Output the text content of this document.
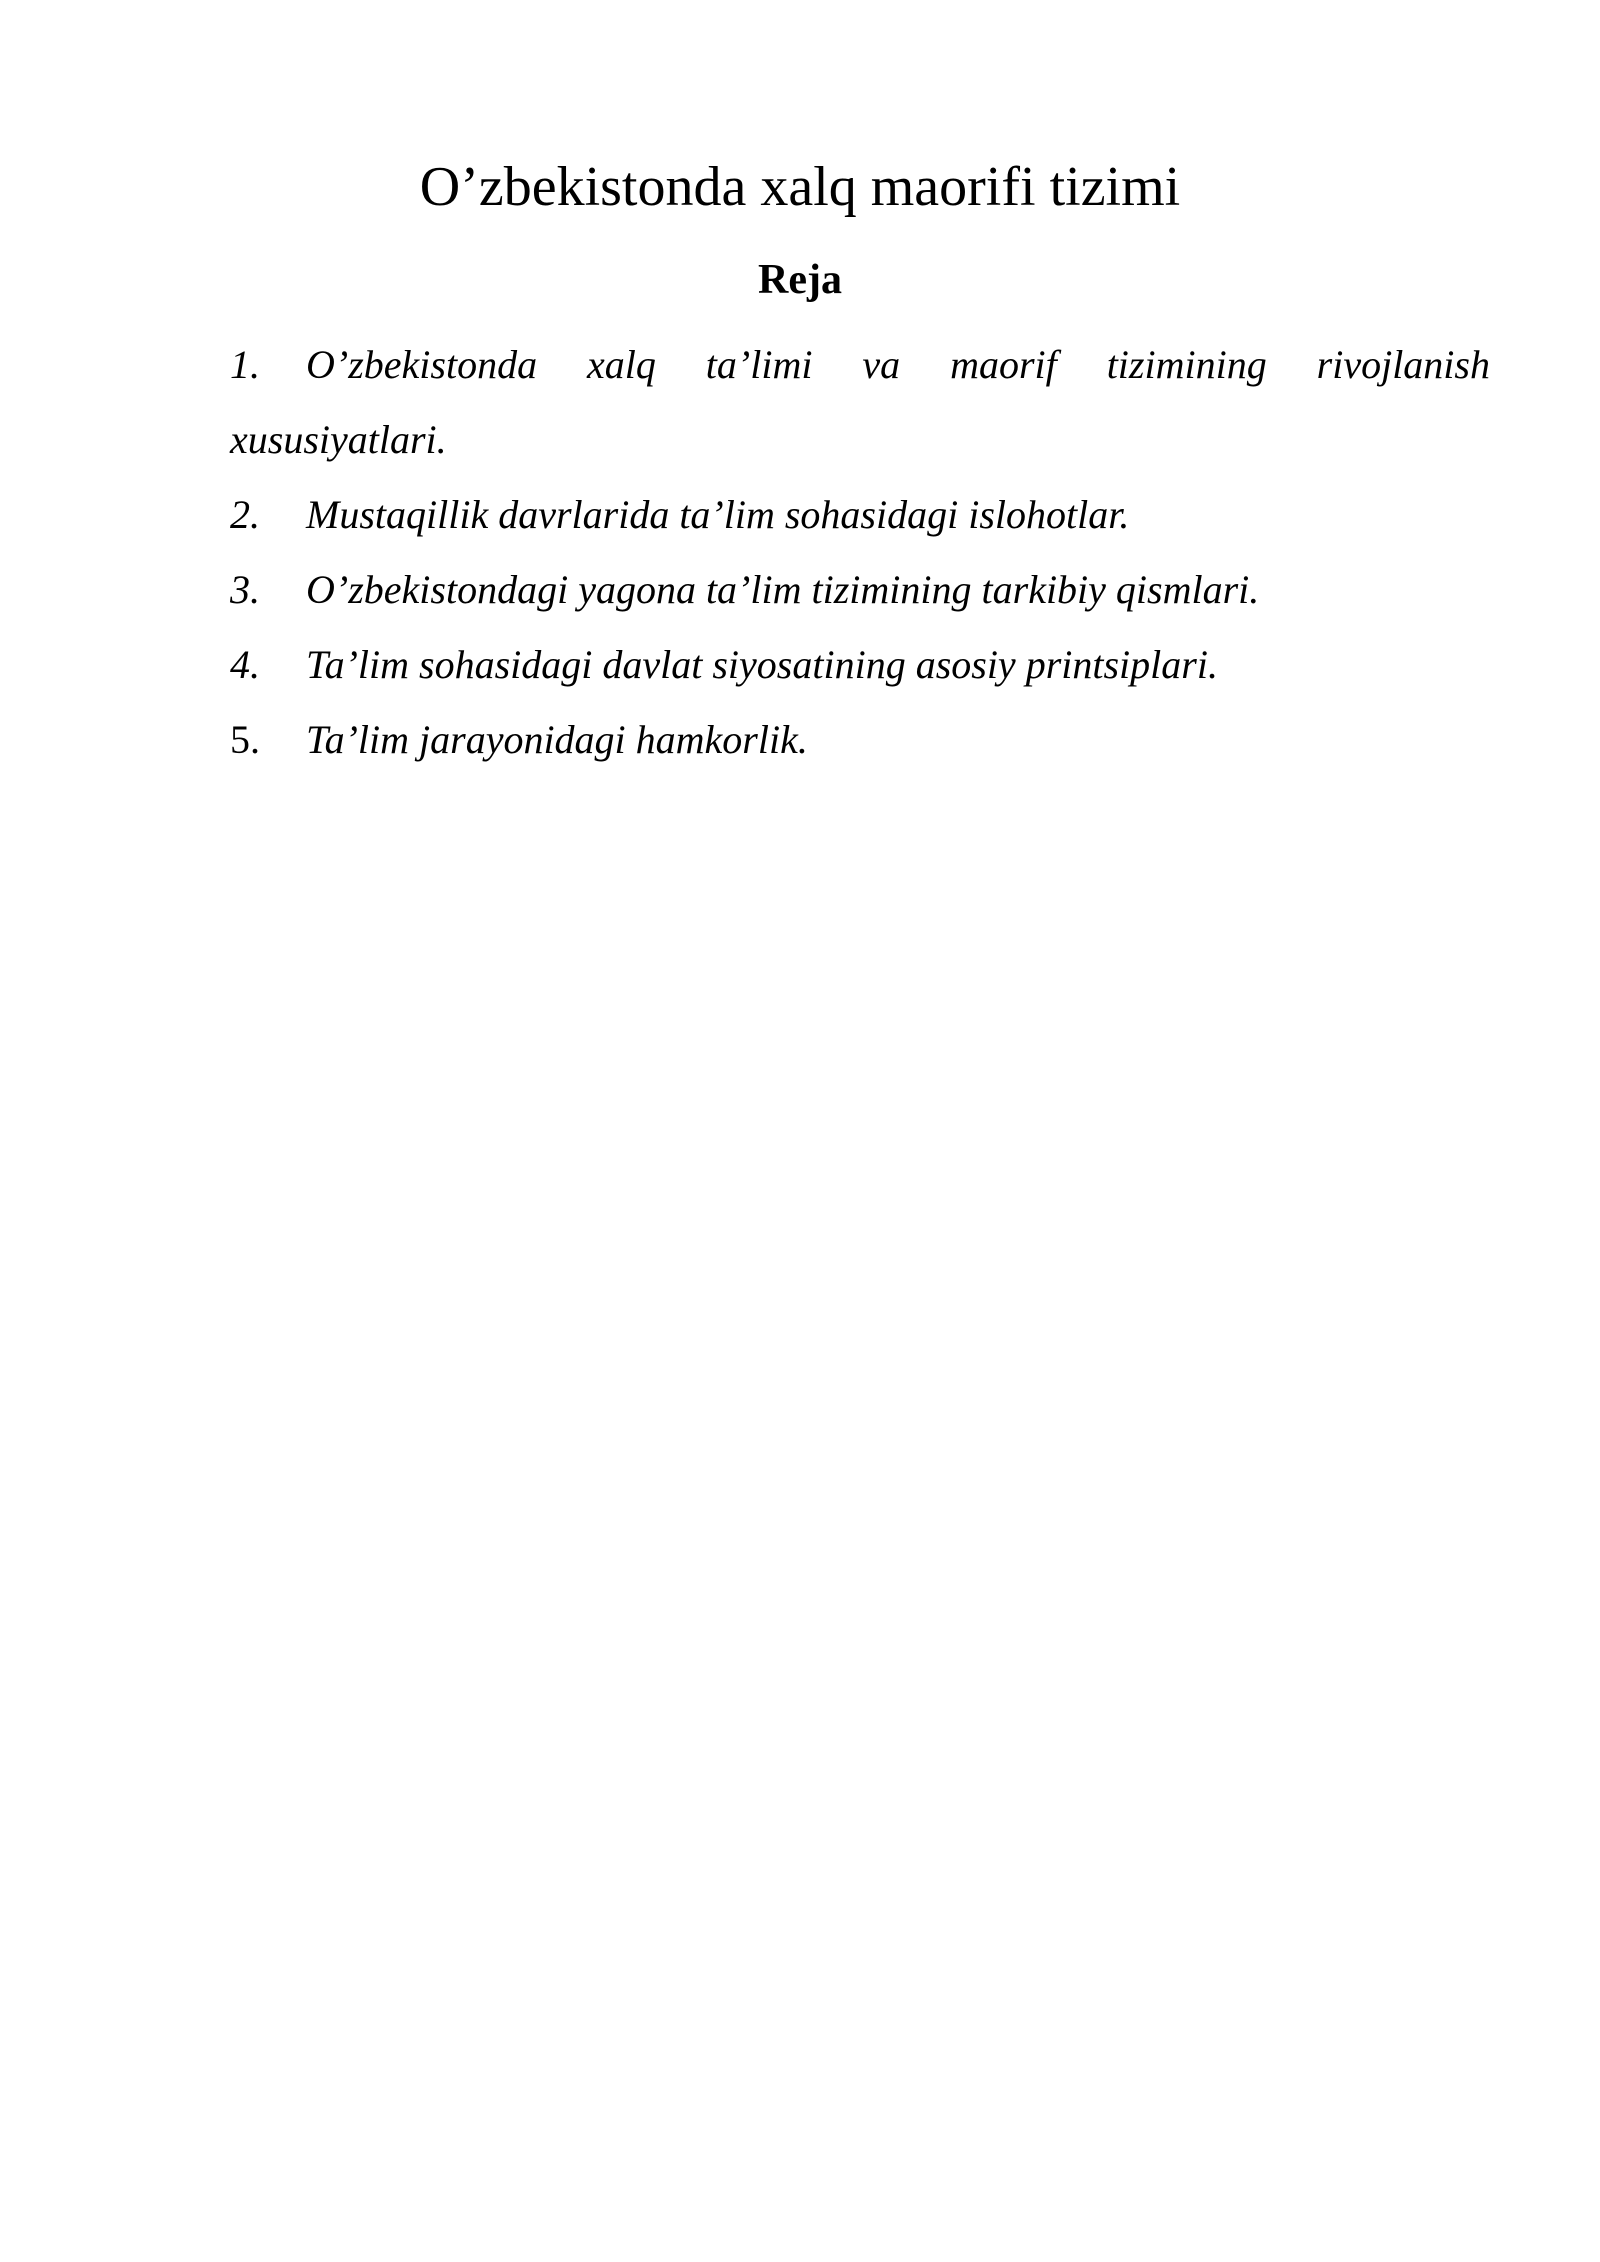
O’zbekistonda xalq maorifi tizimi
Reja
1. O’zbekistonda xalq ta’limi va maorif tizimining rivojlanish
xususiyatlari.
2. Mustaqillik davrlarida ta’lim sohasidagi islohotlar.
3. O’zbekistondagi yagona ta’lim tizimining tarkibiy qismlari.
4. Ta’lim sohasidagi davlat siyosatining asosiy printsiplari.
5. Ta’lim jarayonidagi hamkorlik.
